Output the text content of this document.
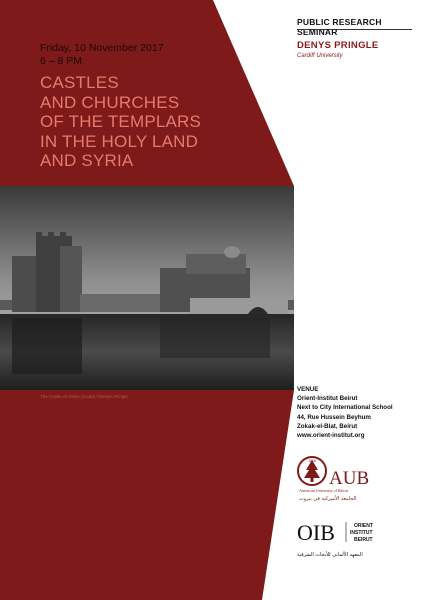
Friday, 10 November 2017
6 – 8 PM
CASTLES
AND CHURCHES
OF THE TEMPLARS
IN THE HOLY LAND
AND SYRIA
PUBLIC RESEARCH SEMINAR
DENYS PRINGLE
Cardiff University
The Castle of Sidon (Saida) ©Denys Pringle
VENUE
Orient-Institut Beirut
Next to City International School
44, Rue Hussein Beyhum
Zokak-el-Blat, Beirut
www.orient-institut.org
1866
AUB
American University of Beirut
الجامعة الأميركية في بيروت
OIB	ORIENT
INSTITUT
BEIRUT
المعهد الألماني للأبحاث الشرقية
